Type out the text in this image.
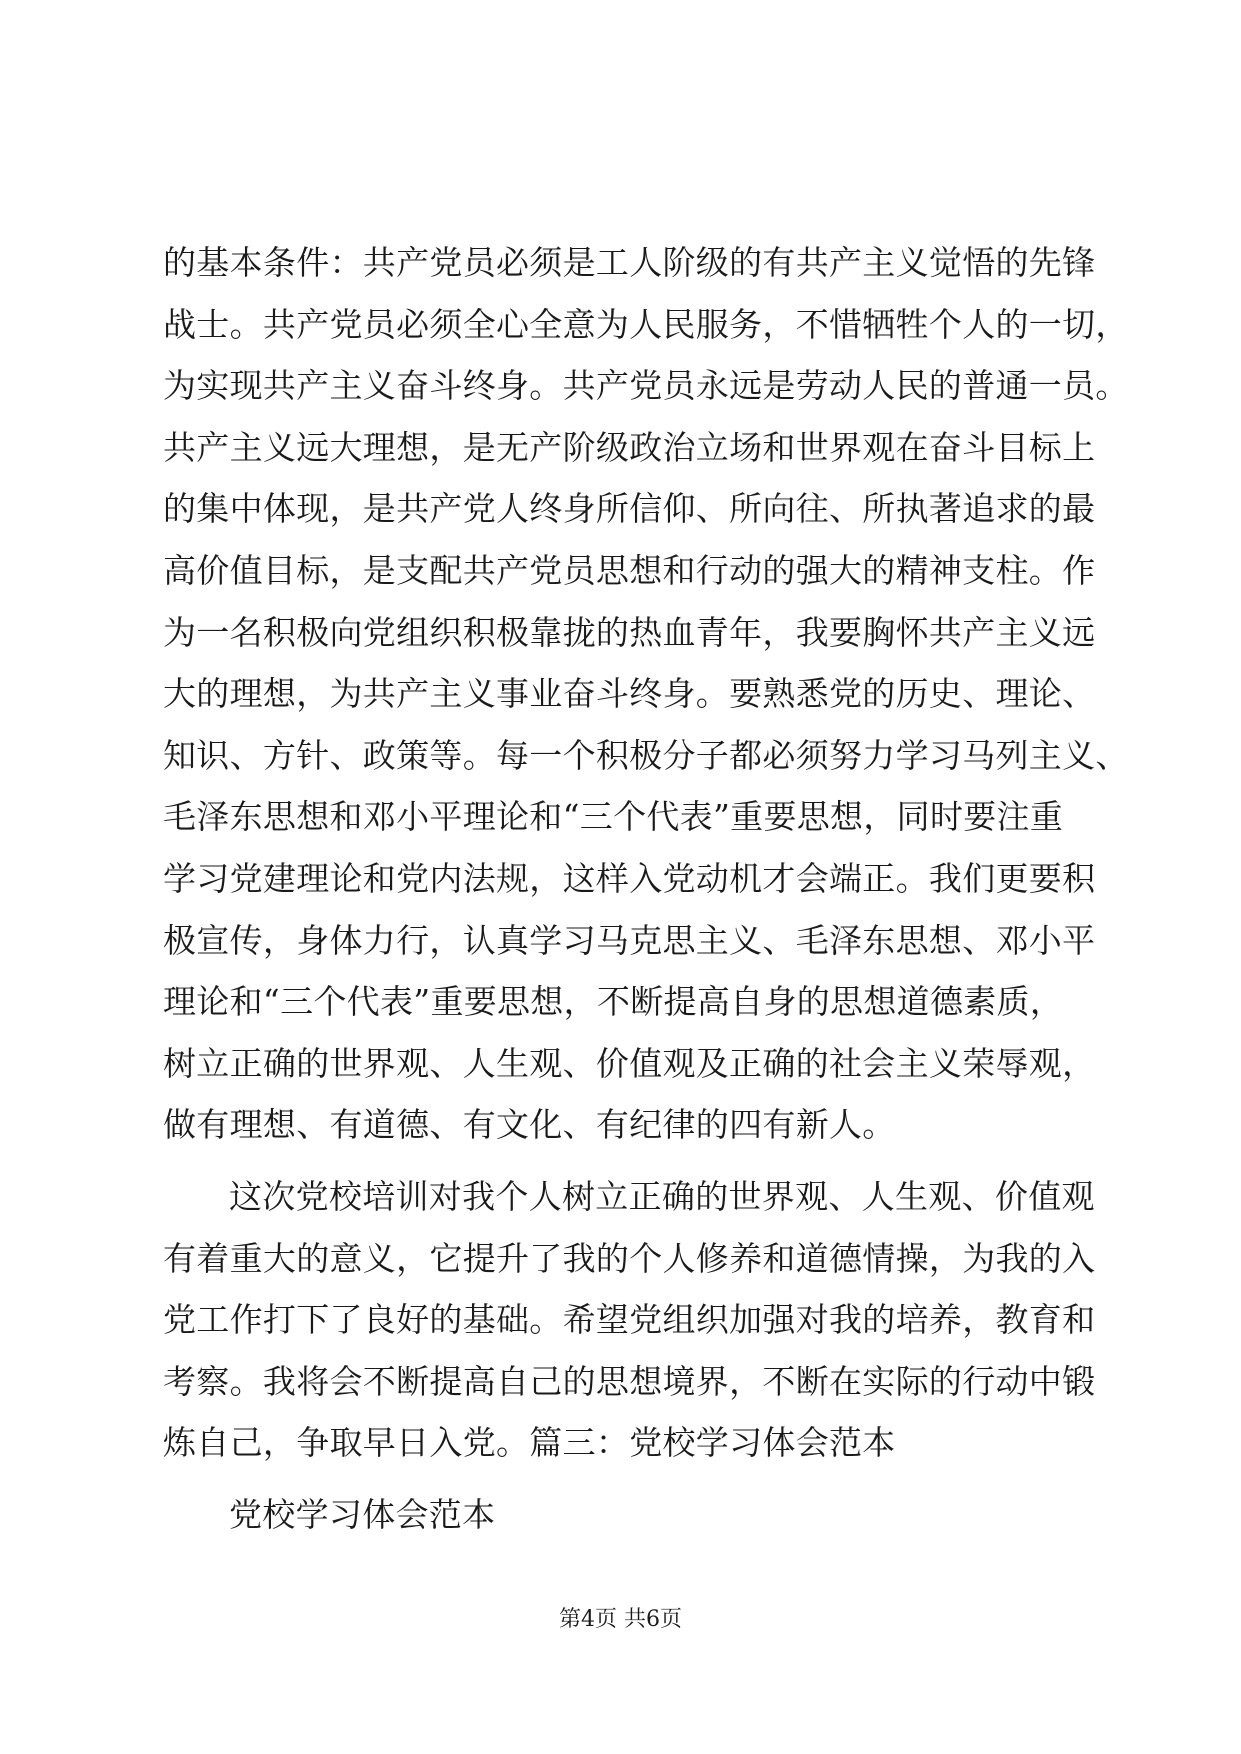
的基本条件：共产党员必须是工人阶级的有共产主义觉悟的先锋
战士。共产党员必须全心全意为人民服务，不惜牺牲个人的一切，
为实现共产主义奋斗终身。共产党员永远是劳动人民的普通一员。
共产主义远大理想，是无产阶级政治立场和世界观在奋斗目标上
的集中体现，是共产党人终身所信仰、所向往、所执著追求的最
高价值目标，是支配共产党员思想和行动的强大的精神支柱。作
为一名积极向党组织积极靠拢的热血青年，我要胸怀共产主义远
大的理想，为共产主义事业奋斗终身。要熟悉党的历史、理论、
知识、方针、政策等。每一个积极分子都必须努力学习马列主义、
毛泽东思想和邓小平理论和“三个代表”重要思想，同时要注重
学习党建理论和党内法规，这样入党动机才会端正。我们更要积
极宣传，身体力行，认真学习马克思主义、毛泽东思想、邓小平
理论和“三个代表”重要思想，不断提高自身的思想道德素质，
树立正确的世界观、人生观、价值观及正确的社会主义荣辱观，
做有理想、有道德、有文化、有纪律的四有新人。
这次党校培训对我个人树立正确的世界观、人生观、价值观
有着重大的意义，它提升了我的个人修养和道德情操，为我的入
党工作打下了良好的基础。希望党组织加强对我的培养，教育和
考察。我将会不断提高自己的思想境界，不断在实际的行动中锻
炼自己，争取早日入党。篇三：党校学习体会范本
党校学习体会范本
第4页 共6页
